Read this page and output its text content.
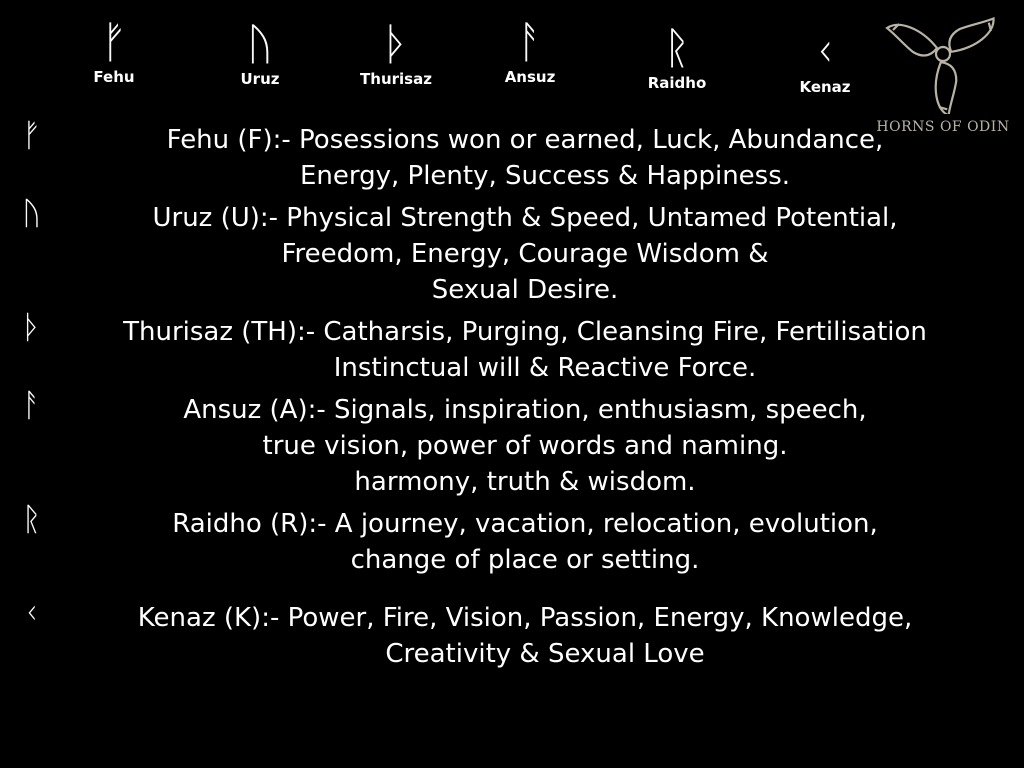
ᚠ
Fehu
ᚢ
Uruz
ᚦ
Thurisaz
ᚨ
Ansuz
ᚱ
Raidho
ᚲ
Kenaz
HORNS OF ODIN
ᚠ	Fehu (F):- Posessions won or earned, Luck, Abundance,
Energy, Plenty, Success & Happiness.
ᚢ	Uruz (U):- Physical Strength & Speed, Untamed Potential,
Freedom, Energy, Courage Wisdom &
Sexual Desire.
ᚦ	Thurisaz (TH):- Catharsis, Purging, Cleansing Fire, Fertilisation
Instinctual will & Reactive Force.
ᚨ	Ansuz (A):- Signals, inspiration, enthusiasm, speech,
true vision, power of words and naming.
harmony, truth & wisdom.
ᚱ	Raidho (R):- A journey, vacation, relocation, evolution,
change of place or setting.
ᚲ	Kenaz (K):- Power, Fire, Vision, Passion, Energy, Knowledge,
Creativity & Sexual Love
